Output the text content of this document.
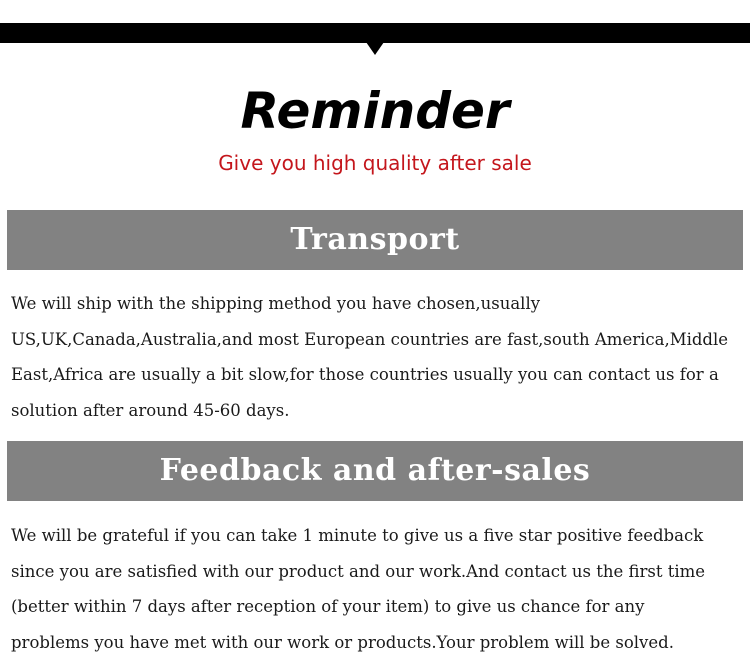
Reminder
Give you high quality after sale
Transport
We will ship with the shipping method you have chosen,usually
US,UK,Canada,Australia,and most European countries are fast,south America,Middle
East,Africa are usually a bit slow,for those countries usually you can contact us for a
solution after around 45-60 days.
Feedback and after-sales
We will be grateful if you can take 1 minute to give us a five star positive feedback
since you are satisfied with our product and our work.And contact us the first time
(better within 7 days after reception of your item) to give us chance for any
problems you have met with our work or products.Your problem will be solved.
